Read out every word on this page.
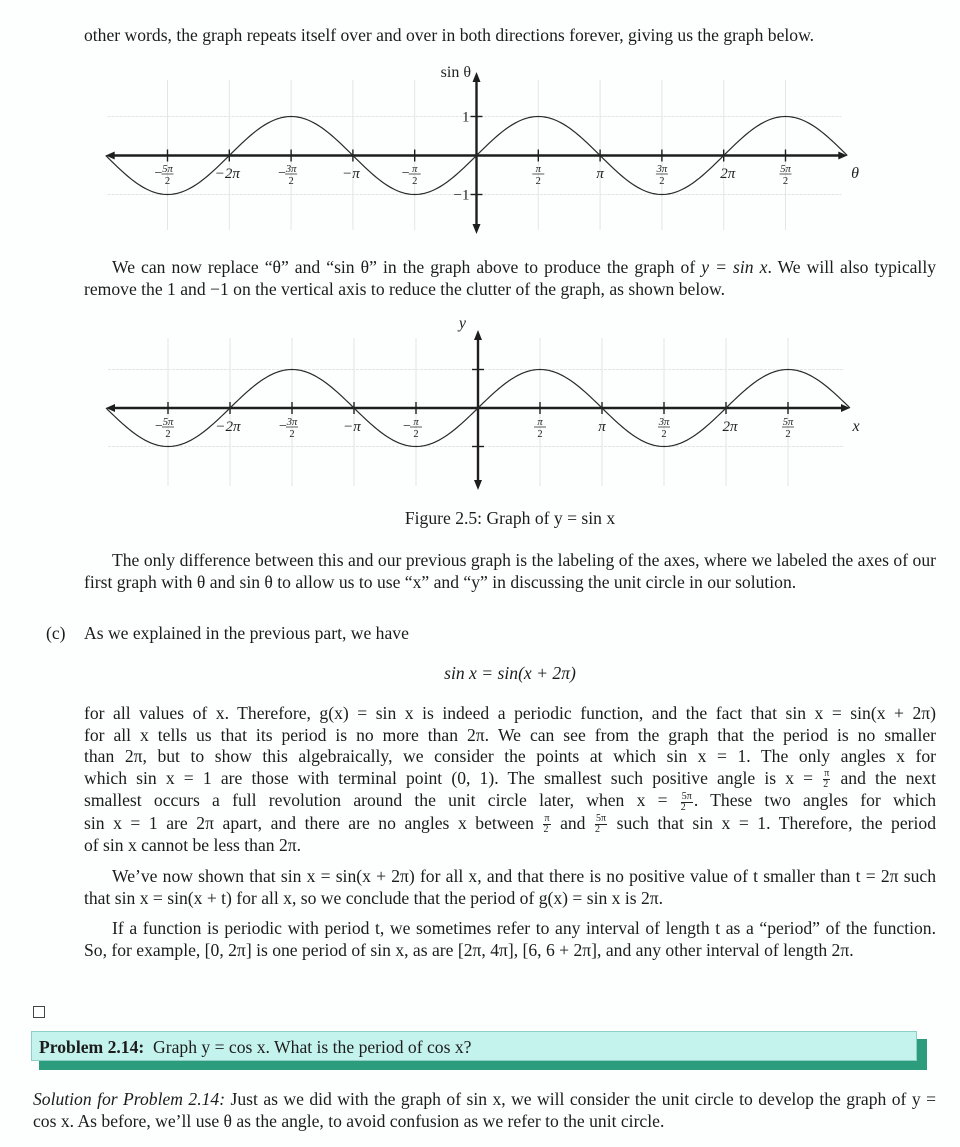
other words, the graph repeats itself over and over in both directions forever, giving us the graph below.

− 5π
2	−2π	− 3π
2	−π	− π
2
π
2	π	3π
2	2π	5π
2
1
−1
θ
sin θ

We can now replace “θ” and “sin θ” in the graph above to produce the graph of y = sin x. We will also typically remove the 1 and −1 on the vertical axis to reduce the clutter of the graph, as shown below.

− 5π
2	−2π	− 3π
2	−π	− π
2
π
2	π	3π
2	2π	5π
2	x
y

Figure 2.5: Graph of y = sin x

The only difference between this and our previous graph is the labeling of the axes, where we labeled the axes of our first graph with θ and sin θ to allow us to use “x” and “y” in discussing the unit circle in our solution.

(c) As we explained in the previous part, we have

sin x = sin(x + 2π)

for all values of x. Therefore, g(x) = sin x is indeed a periodic function, and the fact that sin x = sin(x + 2π)
for all x tells us that its period is no more than 2π. We can see from the graph that the period is no smaller
than 2π, but to show this algebraically, we consider the points at which sin x = 1. The only angles x for
which sin x = 1 are those with terminal point (0, 1). The smallest such positive angle is $x = \frac{\pi}{2}$ and the next
smallest occurs a full revolution around the unit circle later, when $x = \frac{5\pi}{2}$ . These two angles for which
sin x = 1 are 2π apart, and there are no angles x between $\frac{\pi}{2}$ and $\frac{5\pi}{2}$ such that sin x = 1. Therefore, the period
of sin x cannot be less than 2π.

We’ve now shown that sin x = sin(x + 2π) for all x, and that there is no positive value of t smaller than t = 2π such that sin x = sin(x + t) for all x, so we conclude that the period of g(x) = sin x is 2π.

If a function is periodic with period t, we sometimes refer to any interval of length t as a “period” of the function. So, for example, [0, 2π] is one period of sin x, as are [2π, 4π], [6, 6 + 2π], and any other interval of length 2π.

Problem 2.14: Graph y = cos x. What is the period of cos x?

Solution for Problem 2.14: Just as we did with the graph of sin x, we will consider the unit circle to develop the graph of y = cos x. As before, we’ll use θ as the angle, to avoid confusion as we refer to the unit circle.
